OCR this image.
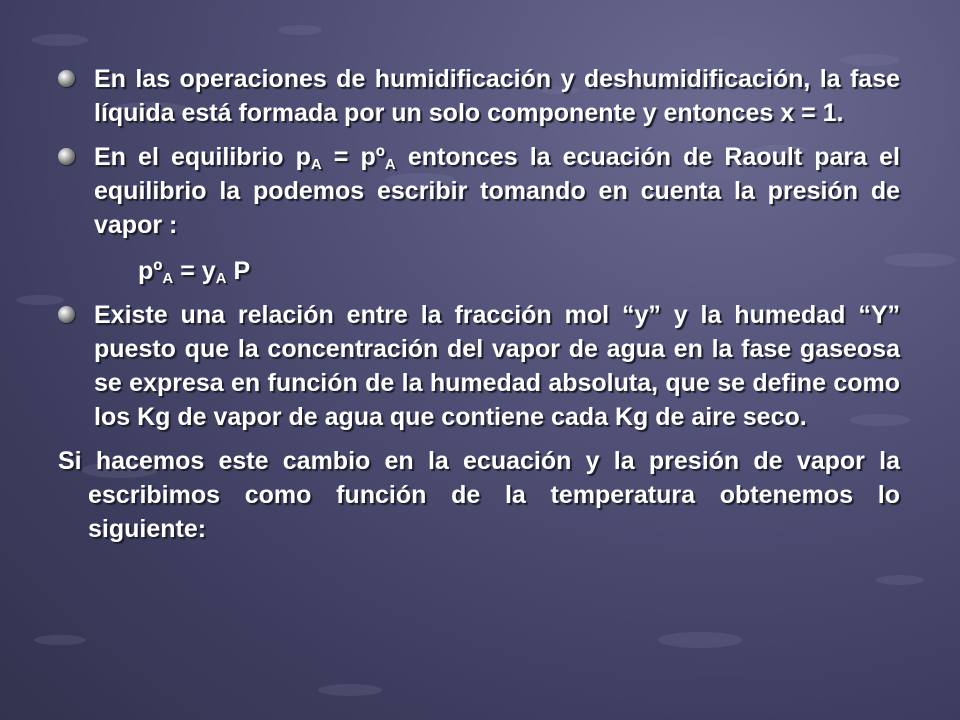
En las operaciones de humidificación y deshumidificación, la fase líquida está formada por un solo componente y entonces x = 1.

En el equilibrio $p_A$ = pº$_A$ entonces la ecuación de Raoult para el equilibrio la podemos escribir tomando en cuenta la presión de vapor :

pº$_A$ = $y_A$ P

Existe una relación entre la fracción mol “y” y la humedad “Y” puesto que la concentración del vapor de agua en la fase gaseosa se expresa en función de la humedad absoluta, que se define como los Kg de vapor de agua que contiene cada Kg de aire seco.

Si hacemos este cambio en la ecuación y la presión de vapor la escribimos como función de la temperatura obtenemos lo siguiente:
